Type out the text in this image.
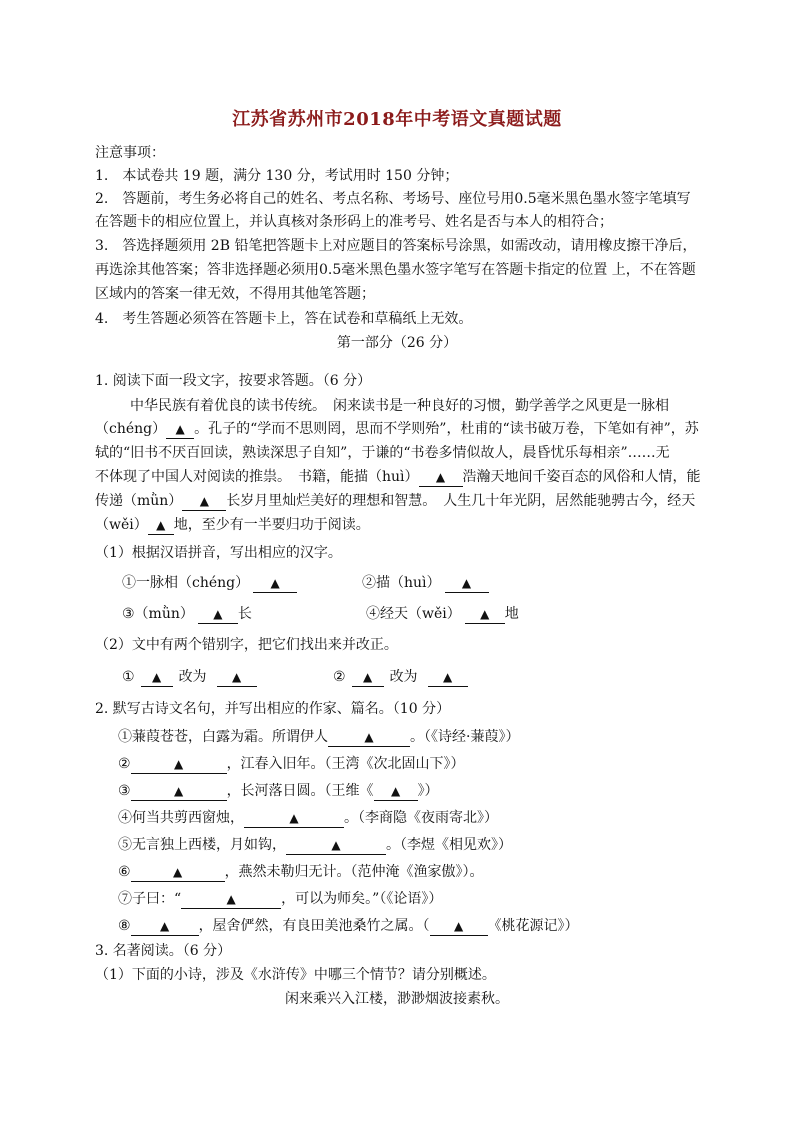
江苏省苏州市2018年中考语文真题试题
注意事项：
1.　本试卷共 19 题，满分 130 分，考试用时 150 分钟；
2.　答题前，考生务必将自己的姓名、考点名称、考场号、座位号用0.5毫米黑色墨水签字笔填写
在答题卡的相应位置上，并认真核对条形码上的准考号、姓名是否与本人的相符合；
3.　答选择题须用 2B 铅笔把答题卡上对应题目的答案标号涂黑，如需改动，请用橡皮擦干净后，
再选涂其他答案；答非选择题必须用0.5毫米黑色墨水签字笔写在答题卡指定的位置 上，不在答题
区域内的答案一律无效，不得用其他笔答题；
4.　考生答题必须答在答题卡上，答在试卷和草稿纸上无效。
第一部分（26 分）
1. 阅读下面一段文字，按要求答题。（6 分）
中华民族有着优良的读书传统。　闲来读书是一种良好的习惯，勤学善学之风更是一脉相
（chéng） ▲ 。孔子的“学而不思则罔，思而不学则殆”，杜甫的“读书破万卷，下笔如有神”，苏
轼的“旧书不厌百回读，熟读深思子自知”，于谦的“书卷多情似故人，晨昏忧乐每相亲”……无
不体现了中国人对阅读的推祟。　书籍，能描（huì） ▲ 浩瀚天地间千姿百态的风俗和人情，能
传递（mǜn） ▲ 长岁月里灿烂美好的理想和智慧。　人生几十年光阴，居然能驰骋古今，经天
（wěi） ▲ 地，至少有一半要归功于阅读。
（1）根据汉语拼音，写出相应的汉字。
①一脉相（chéng） ▲	②描（huì） ▲
③（mǜn） ▲ 长	④经天（wěi） ▲ 地
（2）文中有两个错别字，把它们找出来并改正。
① ▲ 改为 ▲	② ▲ 改为 ▲
2. 默写古诗文名句，并写出相应的作家、篇名。（10 分）
①蒹葭苍苍，白露为霜。所谓伊人	▲	。（《诗经·蒹葭》）
②	▲	，江春入旧年。（王湾《次北固山下》）
③	▲	，长河落日圆。（王维《 ▲ 》）
④何当共剪西窗烛，	▲	。（李商隐《夜雨寄北》）
⑤无言独上西楼，月如钩，	▲	。（李煜《相见欢》）
⑥	▲	，燕然未勒归无计。（范仲淹《渔家傲》）。
⑦子曰：“	▲	，可以为师矣。”（《论语》）
⑧ ▲ ，屋舍俨然，有良田美池桑竹之属。（ ▲ 《桃花源记》）
3. 名著阅读。（6 分）
（1）下面的小诗，涉及《水浒传》中哪三个情节？请分别概述。
闲来乘兴入江楼，渺渺烟波接素秋。
